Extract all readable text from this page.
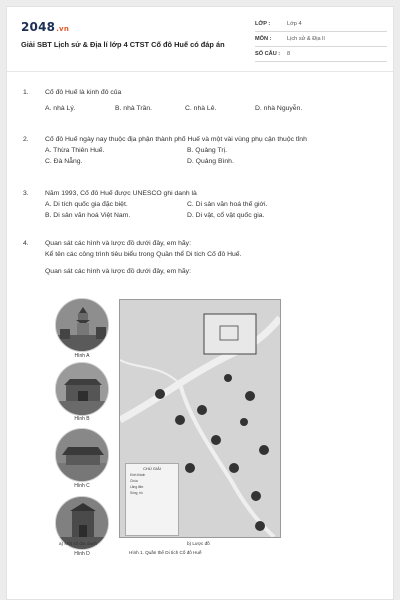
2048.vn
Giải SBT Lịch sử & Địa lí lớp 4 CTST Cố đô Huế có đáp án
LỚP :	Lớp 4
MÔN :	Lịch sử & Địa lí
SỐ CÂU :	8
1. Cố đô Huế là kinh đô của
A. nhà Lý.	B. nhà Trần.	C. nhà Lê.	D. nhà Nguyễn.
2. Cố đô Huế ngày nay thuộc địa phận thành phố Huế và một vài vùng phụ cận thuộc tỉnh
A. Thừa Thiên Huế.	B. Quảng Trị.
C. Đà Nẵng.	D. Quảng Bình.
3. Năm 1993, Cố đô Huế được UNESCO ghi danh là
A. Di tích quốc gia đặc biệt.	C. Di sản văn hoá thế giới.
B. Di sản văn hoá Việt Nam.	D. Di vật, cổ vật quốc gia.
4. Quan sát các hình và lược đồ dưới đây, em hãy:
Kể tên các công trình tiêu biểu trong Quần thể Di tích Cố đô Huế.
Quan sát các hình và lược đồ dưới đây, em hãy:
Hình A
Hình B
Hình C
Hình D
CHÚ GIẢI
Kinh thành
Chùa
Lăng tẩm
Sông, hồ
a) Một số địa danh	b) Lược đồ
Hình 1. Quần thể Di tích Cố đô Huế
